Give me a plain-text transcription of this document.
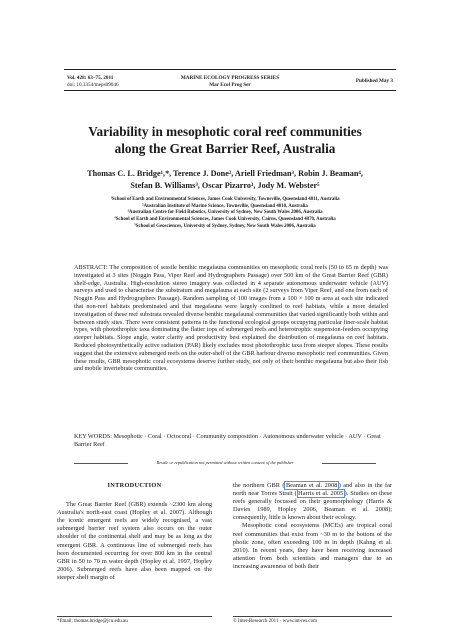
Vol. 428: 63–75, 2011
doi: 10.3354/meps09046
MARINE ECOLOGY PROGRESS SERIES
Mar Ecol Prog Ser
Published May 3
Variability in mesophotic coral reef communities
along the Great Barrier Reef, Australia
Thomas C. L. Bridge¹,*, Terence J. Done², Ariell Friedman³, Robin J. Beaman⁴,
Stefan B. Williams³, Oscar Pizarro³, Jody M. Webster⁵
¹School of Earth and Environmental Sciences, James Cook University, Townsville, Queensland 4811, Australia
²Australian Institute of Marine Science, Townsville, Queensland 4810, Australia
³Australian Centre for Field Robotics, University of Sydney, New South Wales 2006, Australia
⁴School of Earth and Environmental Sciences, James Cook University, Cairns, Queensland 4870, Australia
⁵School of Geosciences, University of Sydney, Sydney, New South Wales 2006, Australia
ABSTRACT: The composition of sessile benthic megafauna communities on mesophotic coral reefs (50 to 65 m depth) was investigated at 3 sites (Noggin Pass, Viper Reef and Hydrographers Passage) over 500 km of the Great Barrier Reef (GBR) shelf-edge, Australia. High-resolution stereo imagery was collected in 4 separate autonomous underwater vehicle (AUV) surveys and used to characterise the substratum and megafauna at each site (2 surveys from Viper Reef, and one from each of Noggin Pass and Hydrographers Passage). Random sampling of 100 images from a 100 × 100 m area at each site indicated that non-reef habitats predominated and that megafauna were largely confined to reef habitats, while a more detailed investigation of these reef substrata revealed diverse benthic megafaunal communities that varied significantly both within and between study sites. There were consistent patterns in the functional ecological groups occupying particular finer-scale habitat types, with photothrophic taxa dominating the flatter tops of submerged reefs and heterotrophic suspension-feeders occupying steeper habitats. Slope angle, water clarity and productivity best explained the distribution of megafauna on reef habitats. Reduced photosynthetically active radiation (PAR) likely excludes most photothrophic taxa from steeper slopes. These results suggest that the extensive submerged reefs on the outer-shelf of the GBR harbour diverse mesophotic reef communities. Given these results, GBR mesophotic coral ecosystems deserve further study, not only of their benthic megafauna but also their fish and mobile invertebrate communities.
KEY WORDS: Mesophotic · Coral · Octocoral · Community composition · Autonomous underwater vehicle · AUV · Great Barrier Reef
Resale or republication not permitted without written consent of the publisher
INTRODUCTION

The Great Barrier Reef (GBR) extends ~2300 km along Australia's north-east coast (Hopley et al. 2007). Although the iconic emergent reefs are widely recognised, a vast submerged barrier reef system also occurs on the outer shoulder of the continental shelf and may be as long as the emergent GBR. A continuous line of submerged reefs has been documented occurring for over 800 km in the central GBR in 50 to 70 m water depth (Hopley et al. 1997, Hopley 2006). Submerged reefs have also been mapped on the steeper shelf margin of

the northern GBR ( Beaman et al. 2008 ) and also in the far north near Torres Strait ( Harris et al. 2005 ). Studies on these reefs generally focussed on their geomorphology (Harris & Davies 1989, Hopley 2006, Beaman et al. 2008); consequently, little is known about their ecology.

Mesophotic coral ecosystems (MCEs) are tropical coral reef communities that exist from ~30 m to the bottom of the photic zone, often exceeding 100 m in depth (Kahng et al. 2010). In recent years, they have been receiving increased attention from both scientists and managers due to an increasing awareness of both their

*Email: thomas.bridge@jcu.edu.au	© Inter-Research 2011 · www.int-res.com
